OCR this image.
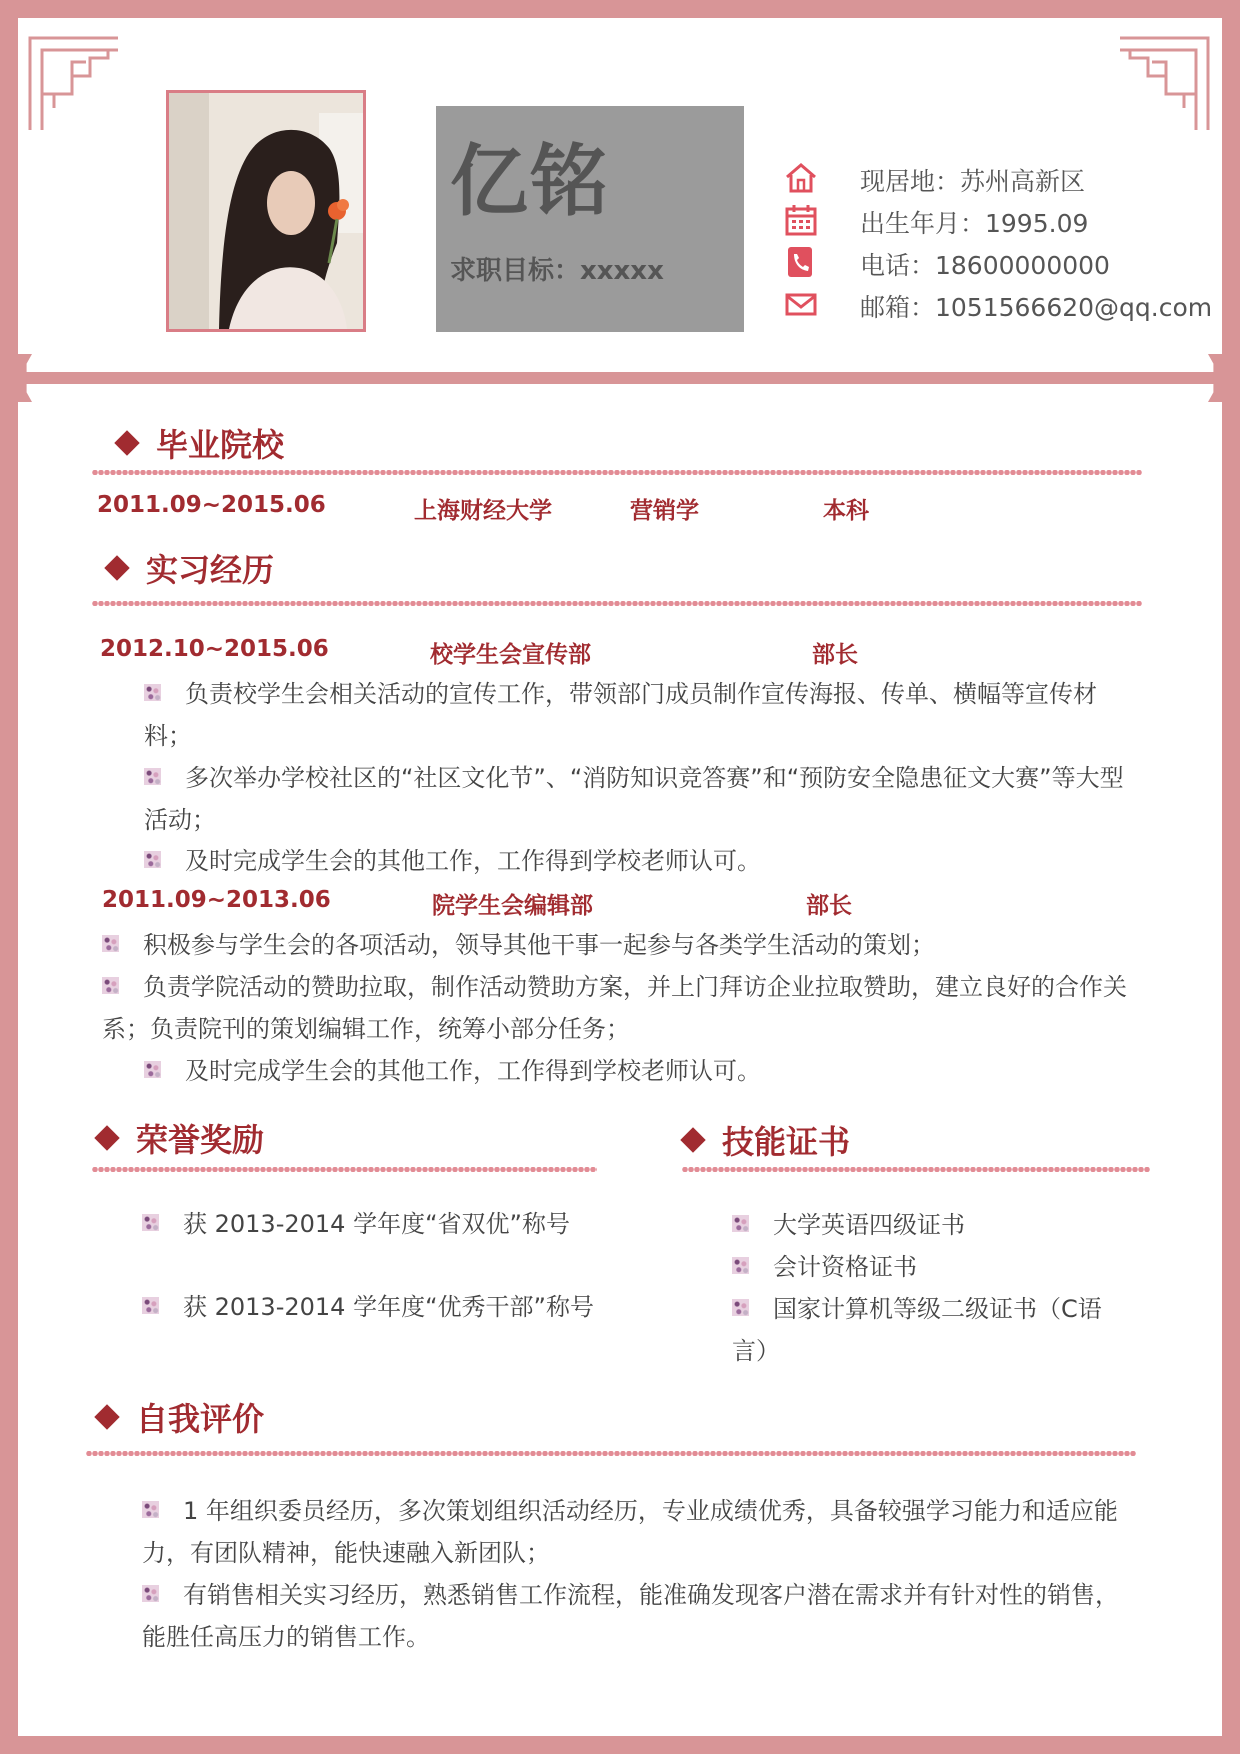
亿铭
求职目标：xxxxx
现居地：苏州高新区
出生年月：1995.09
电话：18600000000
邮箱：1051566620@qq.com
毕业院校
2011.09~2015.06	上海财经大学	营销学	本科
实习经历
2012.10~2015.06	校学生会宣传部	部长
负责校学生会相关活动的宣传工作，带领部门成员制作宣传海报、传单、横幅等宣传材料；
多次举办学校社区的“社区文化节”、“消防知识竞答赛”和“预防安全隐患征文大赛”等大型活动；
及时完成学生会的其他工作，工作得到学校老师认可。
2011.09~2013.06	院学生会编辑部	部长
积极参与学生会的各项活动，领导其他干事一起参与各类学生活动的策划；
负责学院活动的赞助拉取，制作活动赞助方案，并上门拜访企业拉取赞助，建立良好的合作关系；负责院刊的策划编辑工作，统筹小部分任务；
及时完成学生会的其他工作，工作得到学校老师认可。
荣誉奖励
获 2013-2014 学年度“省双优”称号
获 2013-2014 学年度“优秀干部”称号
技能证书
大学英语四级证书
会计资格证书
国家计算机等级二级证书（C语言）
自我评价
1 年组织委员经历，多次策划组织活动经历，专业成绩优秀，具备较强学习能力和适应能力，有团队精神，能快速融入新团队；
有销售相关实习经历，熟悉销售工作流程，能准确发现客户潜在需求并有针对性的销售，能胜任高压力的销售工作。
